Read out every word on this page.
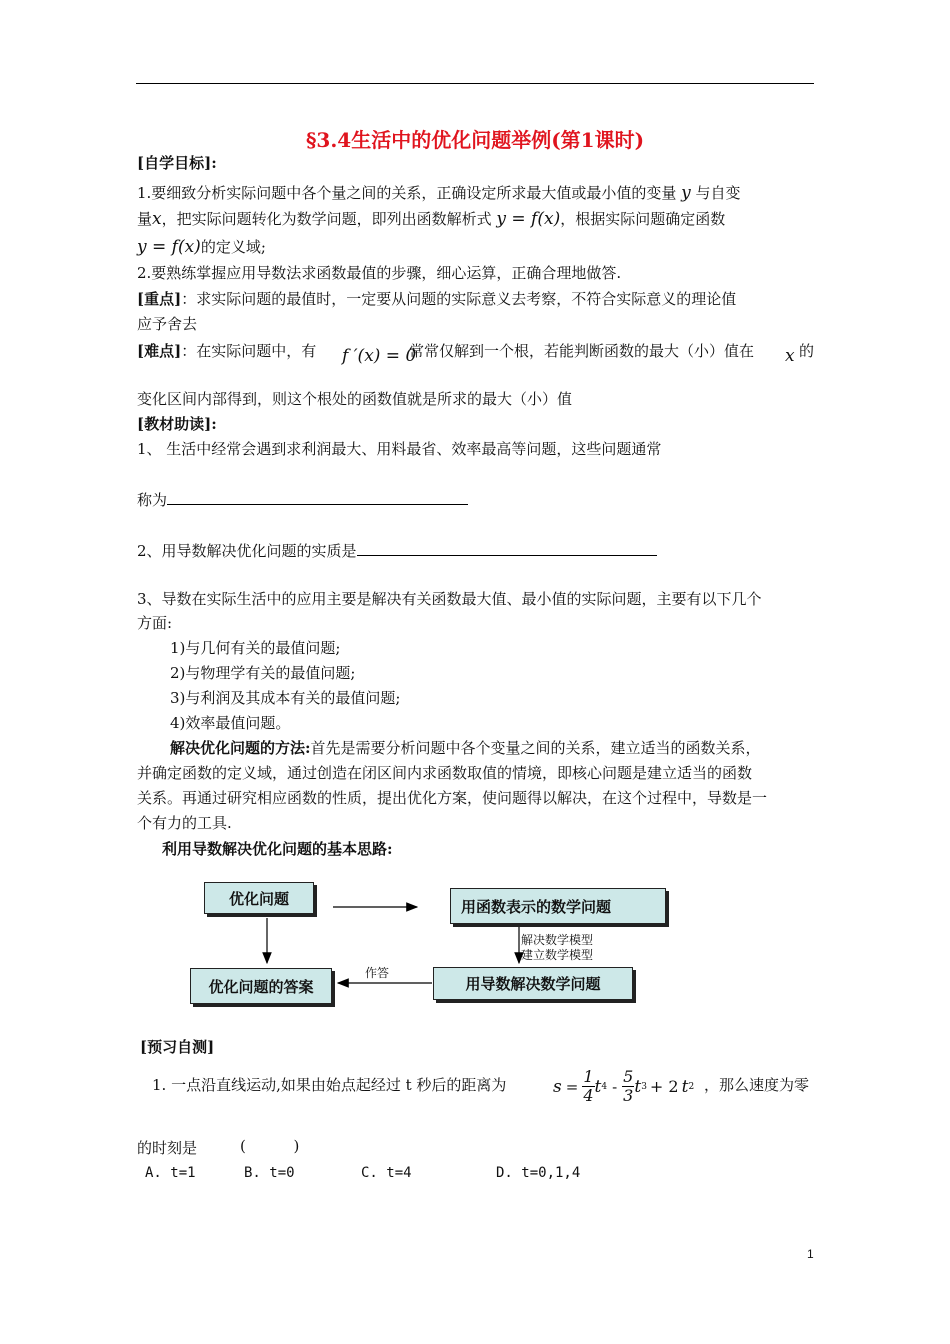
§3.4生活中的优化问题举例(第1课时)
[自学目标]:
1.要细致分析实际问题中各个量之间的关系，正确设定所求最大值或最小值的变量 y 与自变
量x，把实际问题转化为数学问题，即列出函数解析式 y = f(x)，根据实际问题确定函数
y = f(x)的定义域;
2.要熟练掌握应用导数法求函数最值的步骤，细心运算，正确合理地做答.
[重点]：求实际问题的最值时，一定要从问题的实际意义去考察，不符合实际意义的理论值
应予舍去
[难点]：在实际问题中，有 f ′(x) = 0
常常仅解到一个根，若能判断函数的最大（小）值在 x 的
变化区间内部得到，则这个根处的函数值就是所求的最大（小）值
[教材助读]:
1、 生活中经常会遇到求利润最大、用料最省、效率最高等问题，这些问题通常
称为
2、用导数解决优化问题的实质是
3、导数在实际生活中的应用主要是解决有关函数最大值、最小值的实际问题，主要有以下几个
方面:
1)与几何有关的最值问题;
2)与物理学有关的最值问题;
3)与利润及其成本有关的最值问题;
4)效率最值问题。
解决优化问题的方法:首先是需要分析问题中各个变量之间的关系，建立适当的函数关系，
并确定函数的定义域，通过创造在闭区间内求函数取值的情境，即核心问题是建立适当的函数
关系。再通过研究相应函数的性质，提出优化方案，使问题得以解决，在这个过程中，导数是一
个有力的工具.
利用导数解决优化问题的基本思路:
优化问题	用函数表示的数学问题
用导数解决数学问题
优化问题的答案
解决数学模型
建立数学模型
作答
[预习自测]
1. 一点沿直线运动,如果由始点起经过 t 秒后的距离为	$s = \frac{1}{4}$ t $4 - \frac{5}{3}$ t 3 + 2 t 2 ，那么速度为零
的时刻是	(          )
A. t=1	B. t=0	C. t=4	D. t=0,1,4
1
